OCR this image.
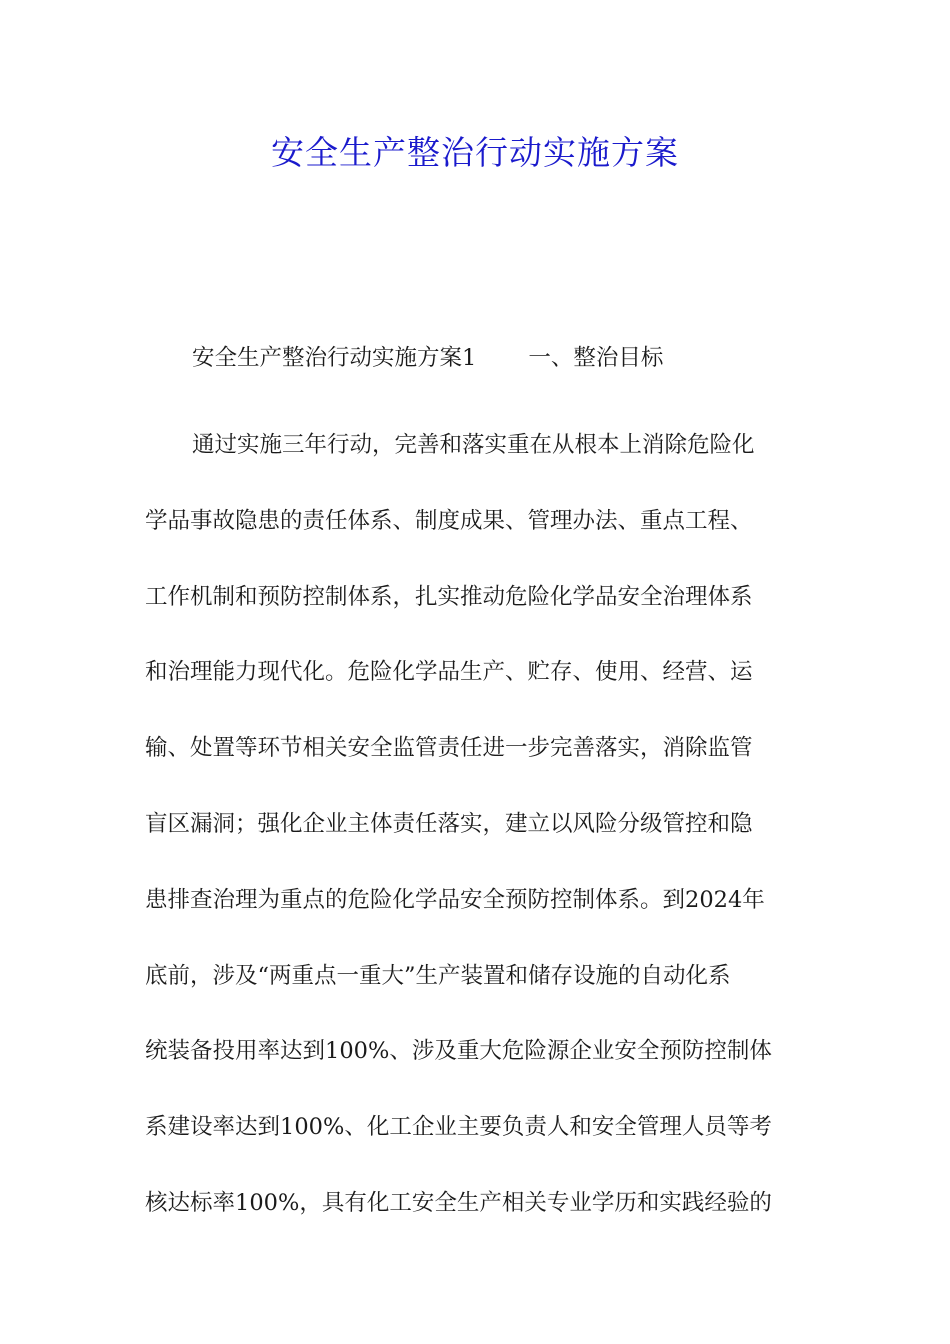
安全生产整治行动实施方案
安全生产整治行动实施方案1 一、整治目标
通过实施三年行动，完善和落实重在从根本上消除危险化
学品事故隐患的责任体系、制度成果、管理办法、重点工程、
工作机制和预防控制体系，扎实推动危险化学品安全治理体系
和治理能力现代化。危险化学品生产、贮存、使用、经营、运
输、处置等环节相关安全监管责任进一步完善落实，消除监管
盲区漏洞；强化企业主体责任落实，建立以风险分级管控和隐
患排查治理为重点的危险化学品安全预防控制体系。到2024年
底前，涉及“两重点一重大”生产装置和储存设施的自动化系
统装备投用率达到100%、涉及重大危险源企业安全预防控制体
系建设率达到100%、化工企业主要负责人和安全管理人员等考
核达标率100%，具有化工安全生产相关专业学历和实践经验的
